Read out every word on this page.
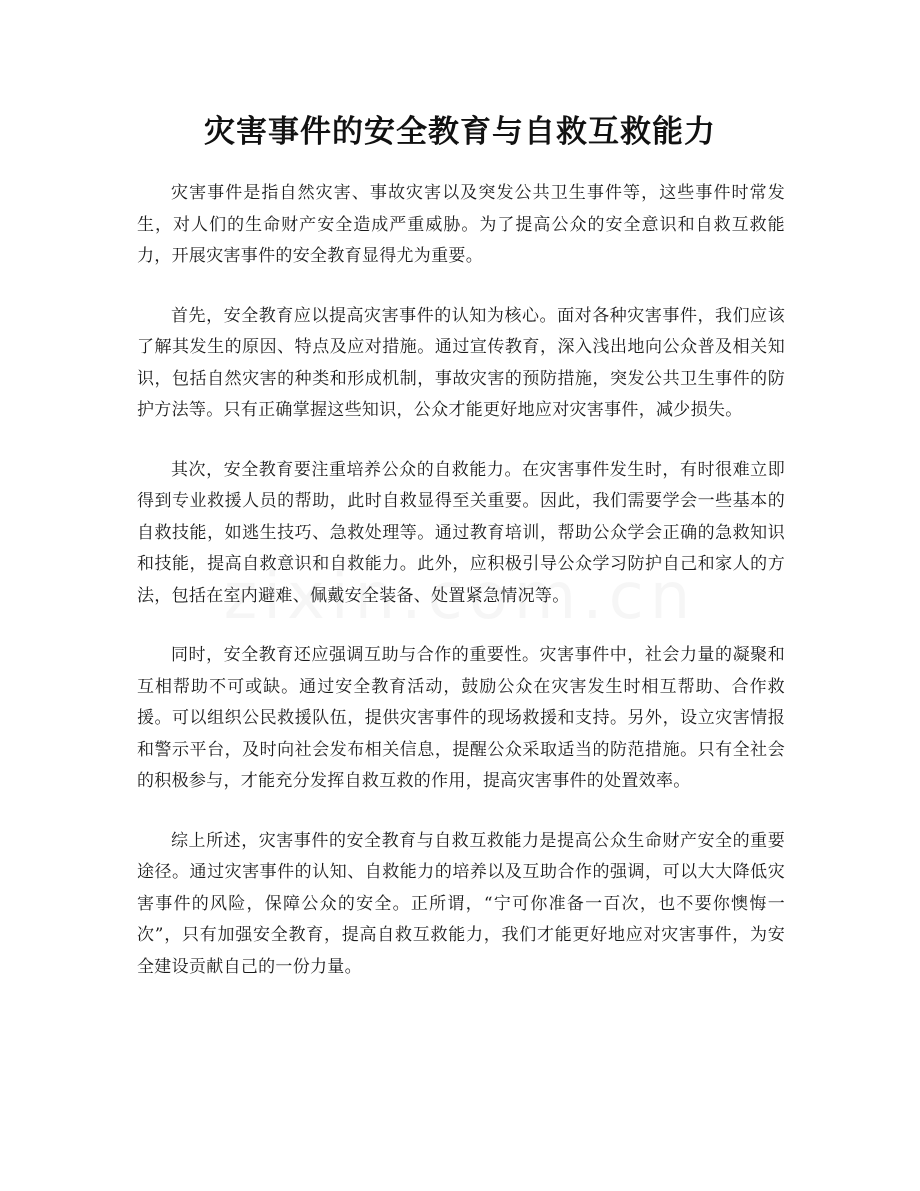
灾害事件的安全教育与自救互救能力

灾害事件是指自然灾害、事故灾害以及突发公共卫生事件等，这些事件时常发生，对人们的生命财产安全造成严重威胁。为了提高公众的安全意识和自救互救能力，开展灾害事件的安全教育显得尤为重要。

首先，安全教育应以提高灾害事件的认知为核心。面对各种灾害事件，我们应该了解其发生的原因、特点及应对措施。通过宣传教育，深入浅出地向公众普及相关知识，包括自然灾害的种类和形成机制，事故灾害的预防措施，突发公共卫生事件的防护方法等。只有正确掌握这些知识，公众才能更好地应对灾害事件，减少损失。

其次，安全教育要注重培养公众的自救能力。在灾害事件发生时，有时很难立即得到专业救援人员的帮助，此时自救显得至关重要。因此，我们需要学会一些基本的自救技能，如逃生技巧、急救处理等。通过教育培训，帮助公众学会正确的急救知识和技能，提高自救意识和自救能力。此外，应积极引导公众学习防护自己和家人的方法，包括在室内避难、佩戴安全装备、处置紧急情况等。

同时，安全教育还应强调互助与合作的重要性。灾害事件中，社会力量的凝聚和互相帮助不可或缺。通过安全教育活动，鼓励公众在灾害发生时相互帮助、合作救援。可以组织公民救援队伍，提供灾害事件的现场救援和支持。另外，设立灾害情报和警示平台，及时向社会发布相关信息，提醒公众采取适当的防范措施。只有全社会的积极参与，才能充分发挥自救互救的作用，提高灾害事件的处置效率。

综上所述，灾害事件的安全教育与自救互救能力是提高公众生命财产安全的重要途径。通过灾害事件的认知、自救能力的培养以及互助合作的强调，可以大大降低灾害事件的风险，保障公众的安全。正所谓，“宁可你准备一百次，也不要你懊悔一次”，只有加强安全教育，提高自救互救能力，我们才能更好地应对灾害事件，为安全建设贡献自己的一份力量。
